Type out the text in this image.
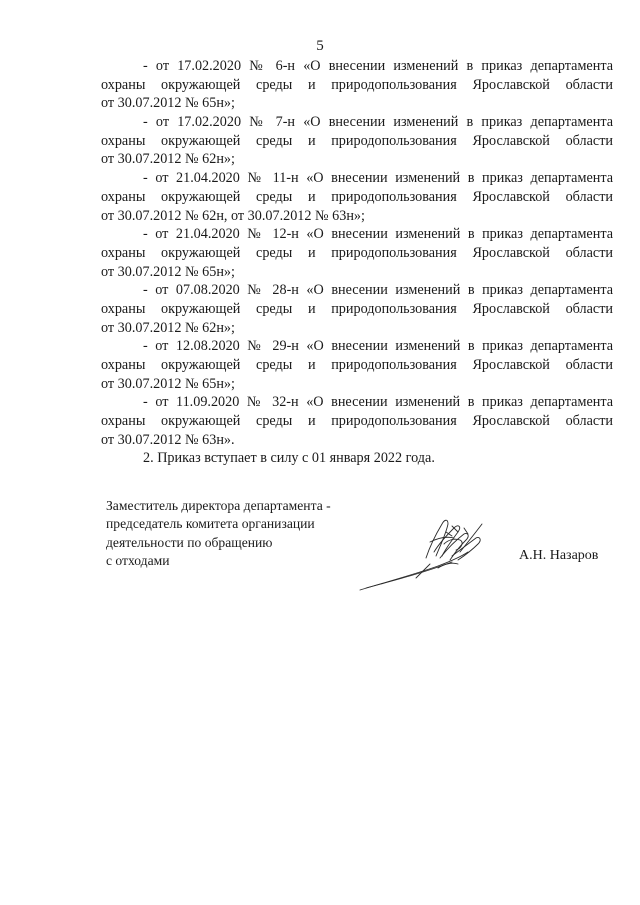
5
- от 17.02.2020 № 6-н «О внесении изменений в приказ департамента
охраны окружающей среды и природопользования Ярославской области
от 30.07.2012 № 65н»;
- от 17.02.2020 № 7-н «О внесении изменений в приказ департамента
охраны окружающей среды и природопользования Ярославской области
от 30.07.2012 № 62н»;
- от 21.04.2020 № 11-н «О внесении изменений в приказ департамента
охраны окружающей среды и природопользования Ярославской области
от 30.07.2012 № 62н, от 30.07.2012 № 63н»;
- от 21.04.2020 № 12-н «О внесении изменений в приказ департамента
охраны окружающей среды и природопользования Ярославской области
от 30.07.2012 № 65н»;
- от 07.08.2020 № 28-н «О внесении изменений в приказ департамента
охраны окружающей среды и природопользования Ярославской области
от 30.07.2012 № 62н»;
- от 12.08.2020 № 29-н «О внесении изменений в приказ департамента
охраны окружающей среды и природопользования Ярославской области
от 30.07.2012 № 65н»;
- от 11.09.2020 № 32-н «О внесении изменений в приказ департамента
охраны окружающей среды и природопользования Ярославской области
от 30.07.2012 № 63н».
2. Приказ вступает в силу с 01 января 2022 года.
Заместитель директора департамента -
председатель комитета организации
деятельности по обращению
с отходами	А.Н. Назаров
